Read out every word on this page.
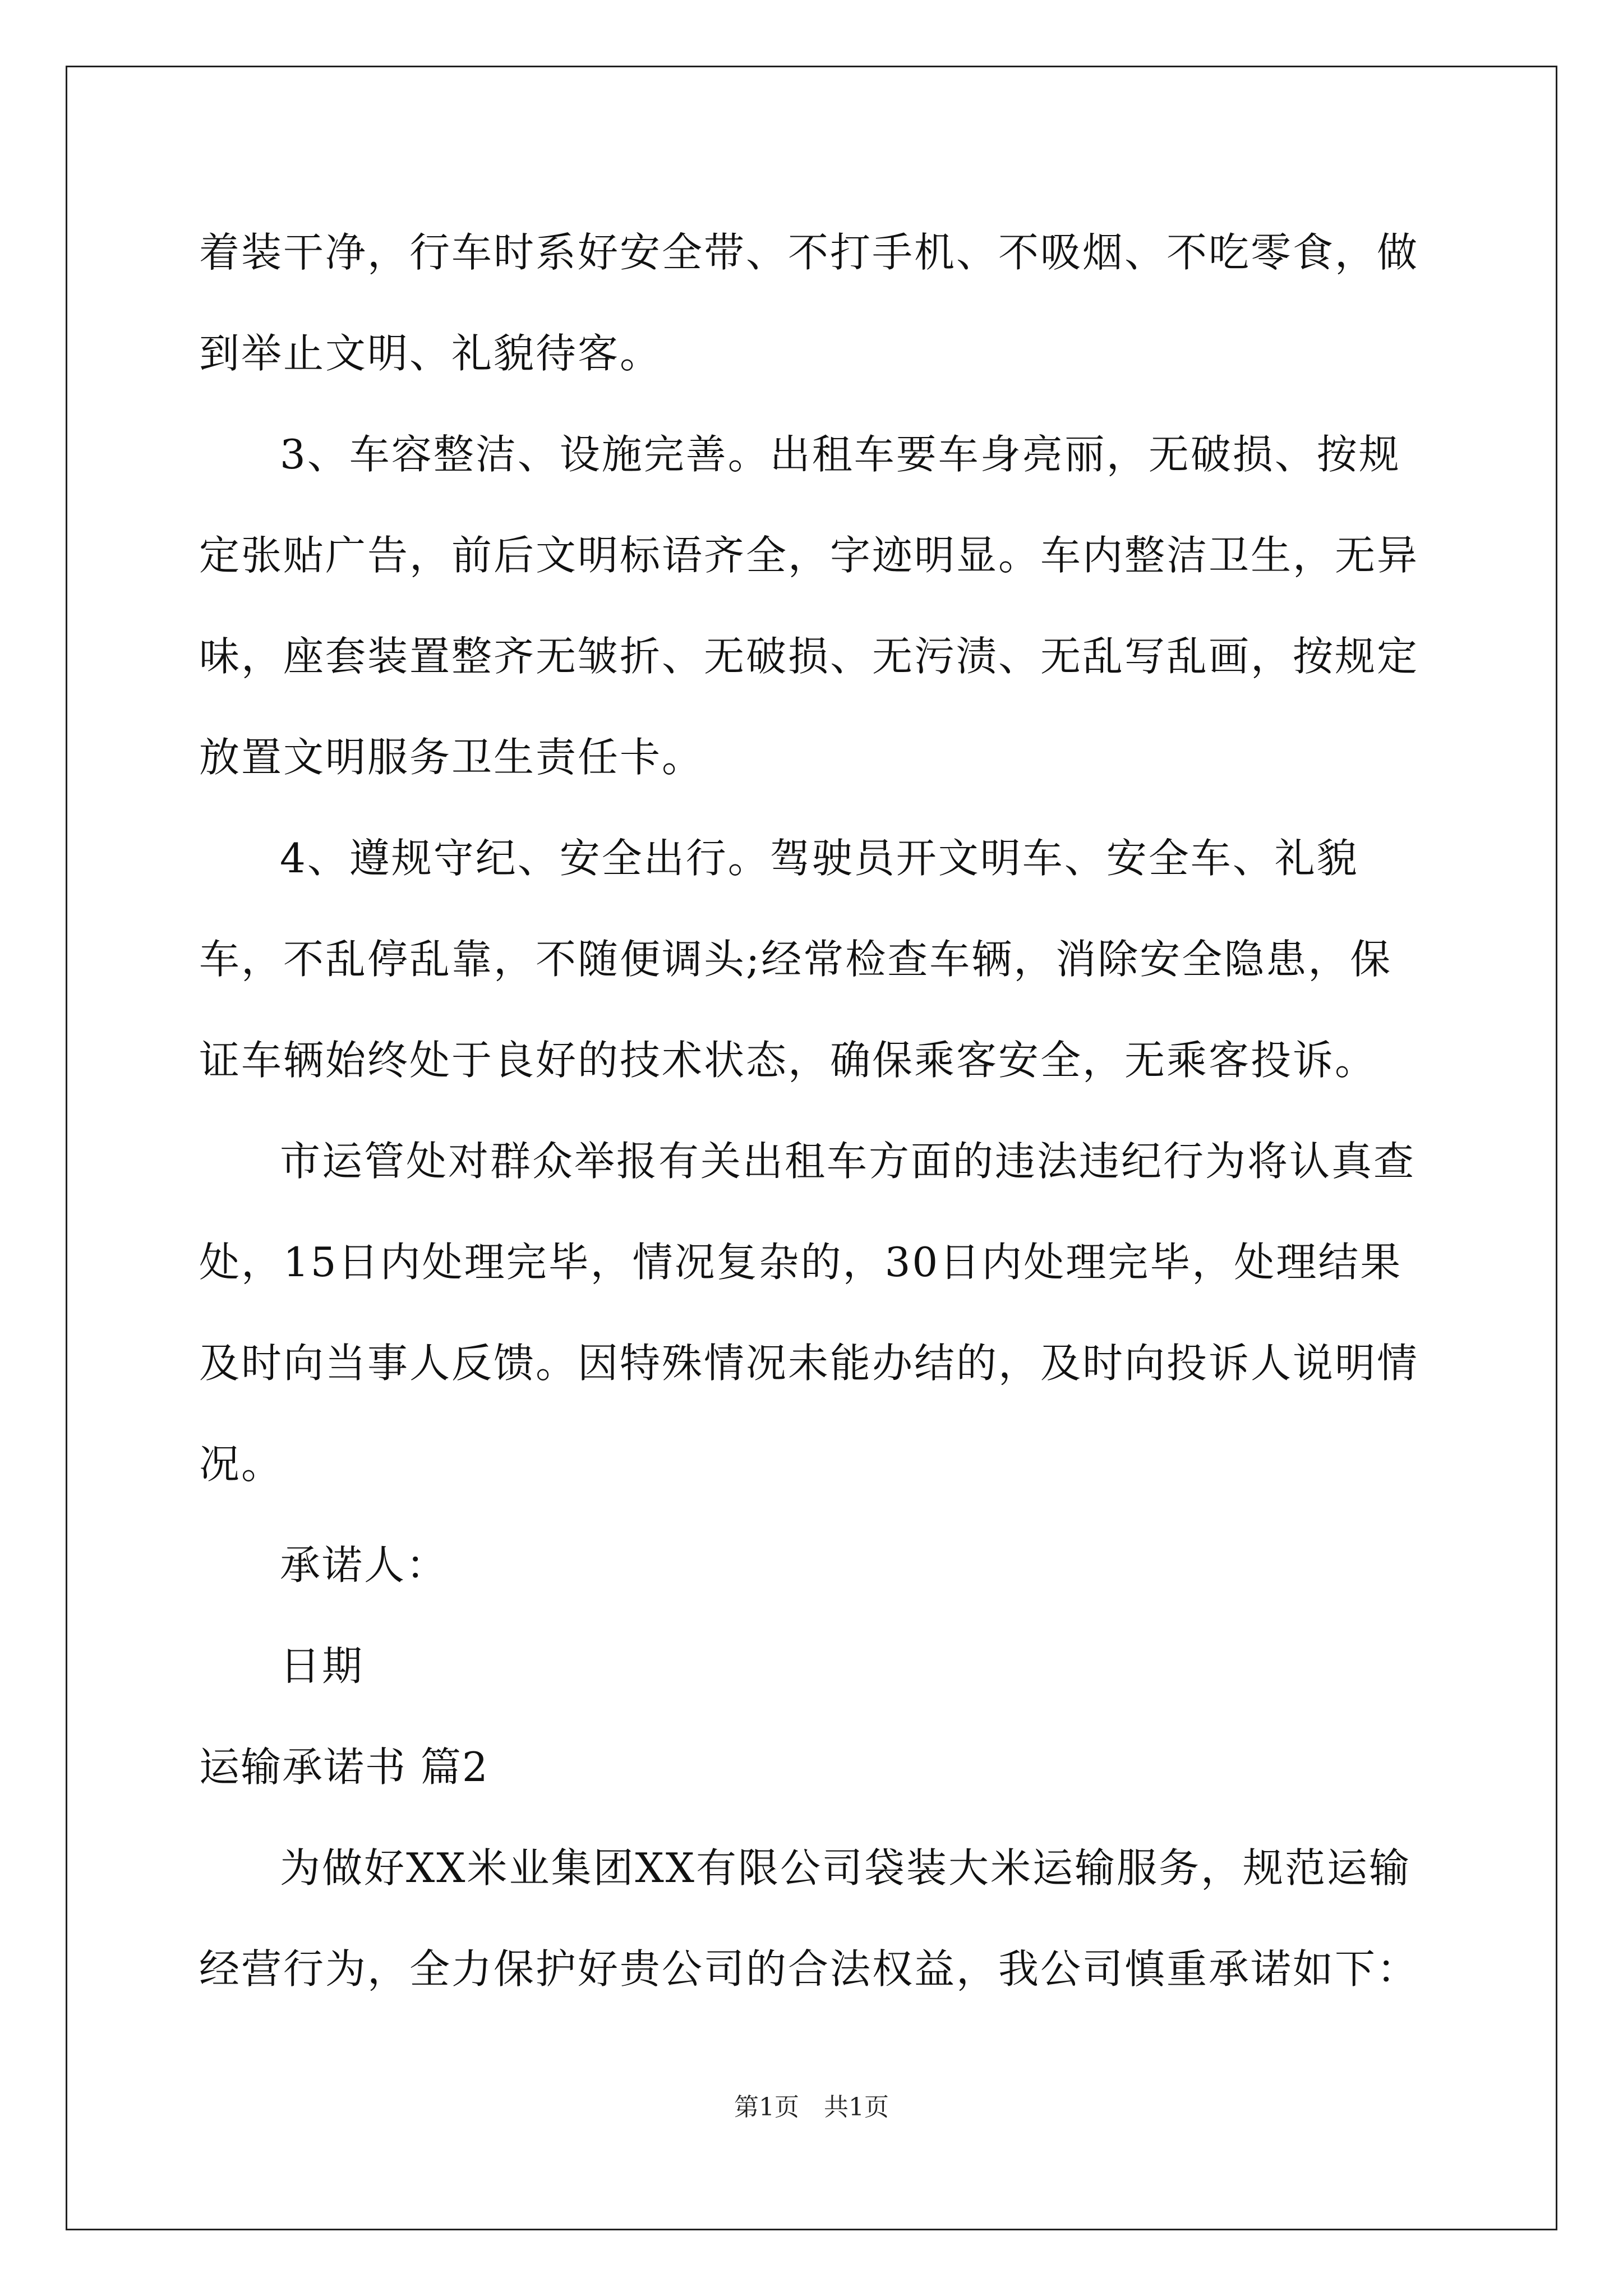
着装干净，行车时系好安全带、不打手机、不吸烟、不吃零食，做到举止文明、礼貌待客。

3、车容整洁、设施完善。出租车要车身亮丽，无破损、按规定张贴广告，前后文明标语齐全，字迹明显。车内整洁卫生，无异味，座套装置整齐无皱折、无破损、无污渍、无乱写乱画，按规定放置文明服务卫生责任卡。

4、遵规守纪、安全出行。驾驶员开文明车、安全车、礼貌车，不乱停乱靠，不随便调头;经常检查车辆，消除安全隐患，保证车辆始终处于良好的技术状态，确保乘客安全，无乘客投诉。

市运管处对群众举报有关出租车方面的违法违纪行为将认真查处，15日内处理完毕，情况复杂的，30日内处理完毕，处理结果及时向当事人反馈。因特殊情况未能办结的，及时向投诉人说明情况。

承诺人：

日期

运输承诺书 篇2

为做好XX米业集团XX有限公司袋装大米运输服务，规范运输经营行为，全力保护好贵公司的合法权益，我公司慎重承诺如下：

第1页　共1页
